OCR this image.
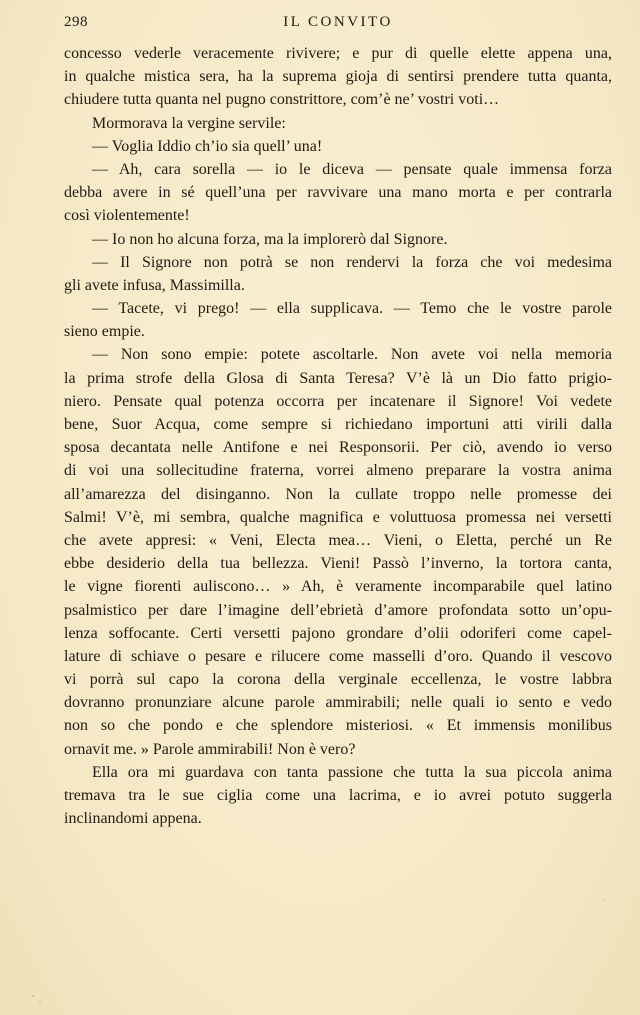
298	IL CONVITO
concesso vederle veracemente rivivere; e pur di quelle elette appena una,
in qualche mistica sera, ha la suprema gioja di sentirsi prendere tutta quanta,
chiudere tutta quanta nel pugno constrittore, com’è ne’ vostri voti…
Mormorava la vergine servile:
— Voglia Iddio ch’io sia quell’ una!
— Ah, cara sorella — io le diceva — pensate quale immensa forza
debba avere in sé quell’una per ravvivare una mano morta e per contrarla
così violentemente!
— Io non ho alcuna forza, ma la implorerò dal Signore.
— Il Signore non potrà se non rendervi la forza che voi medesima
gli avete infusa, Massimilla.
— Tacete, vi prego! — ella supplicava. — Temo che le vostre parole
sieno empie.
— Non sono empie: potete ascoltarle. Non avete voi nella memoria
la prima strofe della Glosa di Santa Teresa? V’è là un Dio fatto prigio-
niero. Pensate qual potenza occorra per incatenare il Signore! Voi vedete
bene, Suor Acqua, come sempre si richiedano importuni atti virili dalla
sposa decantata nelle Antifone e nei Responsorii. Per ciò, avendo io verso
di voi una sollecitudine fraterna, vorrei almeno preparare la vostra anima
all’amarezza del disinganno. Non la cullate troppo nelle promesse dei
Salmi! V’è, mi sembra, qualche magnifica e voluttuosa promessa nei versetti
che avete appresi: « Veni, Electa mea… Vieni, o Eletta, perché un Re
ebbe desiderio della tua bellezza. Vieni! Passò l’inverno, la tortora canta,
le vigne fiorenti auliscono… » Ah, è veramente incomparabile quel latino
psalmistico per dare l’imagine dell’ebrietà d’amore profondata sotto un’opu-
lenza soffocante. Certi versetti pajono grondare d’olii odoriferi come capel-
lature di schiave o pesare e rilucere come masselli d’oro. Quando il vescovo
vi porrà sul capo la corona della verginale eccellenza, le vostre labbra
dovranno pronunziare alcune parole ammirabili; nelle quali io sento e vedo
non so che pondo e che splendore misteriosi. « Et immensis monilibus
ornavit me. » Parole ammirabili! Non è vero?
Ella ora mi guardava con tanta passione che tutta la sua piccola anima
tremava tra le sue ciglia come una lacrima, e io avrei potuto suggerla
inclinandomi appena.
